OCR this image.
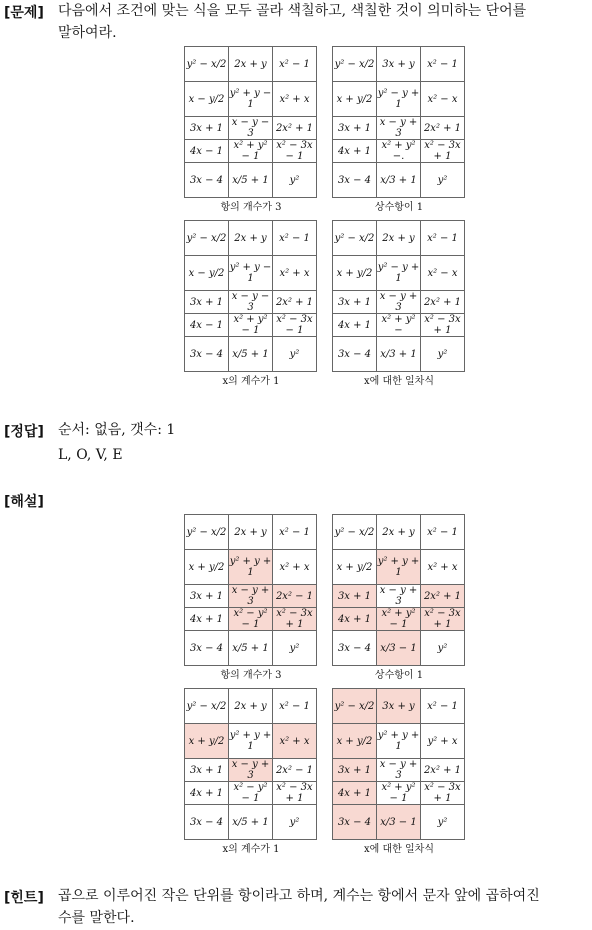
[문제] 다음에서 조건에 맞는 식을 모두 골라 색칠하고, 색칠한 것이 의미하는 단어를
말하여라.
y² − x/2	2x + y	x² − 1
x − y/2	y² + y − 1	x² + x
3x + 1	x − y − 3	2x² + 1
4x − 1	x² + y² − 1	x² − 3x − 1
3x − 4	x/5 + 1	y²
항의 개수가 3
y² − x/2	3x + y	x² − 1
x + y/2	y² − y + 1	x² − x
3x + 1	x − y + 3	2x² + 1
4x + 1	x² + y² −.	x² − 3x + 1
3x − 4	x/3 + 1	y²
상수항이 1
y² − x/2	2x + y	x² − 1
x − y/2	y² + y − 1	x² + x
3x + 1	x − y − 3	2x² + 1
4x − 1	x² + y² − 1	x² − 3x − 1
3x − 4	x/5 + 1	y²
x의 계수가 1
y² − x/2	2x + y	x² − 1
x + y/2	y² − y + 1	x² − x
3x + 1	x − y + 3	2x² + 1
4x + 1	x² + y² −	x² − 3x + 1
3x − 4	x/3 + 1	y²
x에 대한 일차식
[정답] 순서: 없음, 갯수: 1
L, O, V, E
[해설]
y² − x/2	2x + y	x² − 1
x + y/2	y² + y + 1	x² + x
3x + 1	x − y + 3	2x² − 1
4x + 1	x² − y² − 1	x² − 3x + 1
3x − 4	x/5 + 1	y²
항의 개수가 3
y² − x/2	2x + y	x² − 1
x + y/2	y² + y + 1	x² + x
3x + 1	x − y + 3	2x² + 1
4x + 1	x² + y² − 1	x² − 3x + 1
3x − 4	x/3 − 1	y²
상수항이 1
y² − x/2	2x + y	x² − 1
x + y/2	y² + y + 1	x² + x
3x + 1	x − y + 3	2x² − 1
4x + 1	x² − y² − 1	x² − 3x + 1
3x − 4	x/5 + 1	y²
x의 계수가 1
y² − x/2	3x + y	x² − 1
x + y/2	y² + y + 1	y² + x
3x + 1	x − y + 3	2x² + 1
4x + 1	x² + y² − 1	x² − 3x + 1
3x − 4	x/3 − 1	y²
x에 대한 일차식
[힌트] 곱으로 이루어진 작은 단위를 항이라고 하며, 계수는 항에서 문자 앞에 곱하여진
수를 말한다.
